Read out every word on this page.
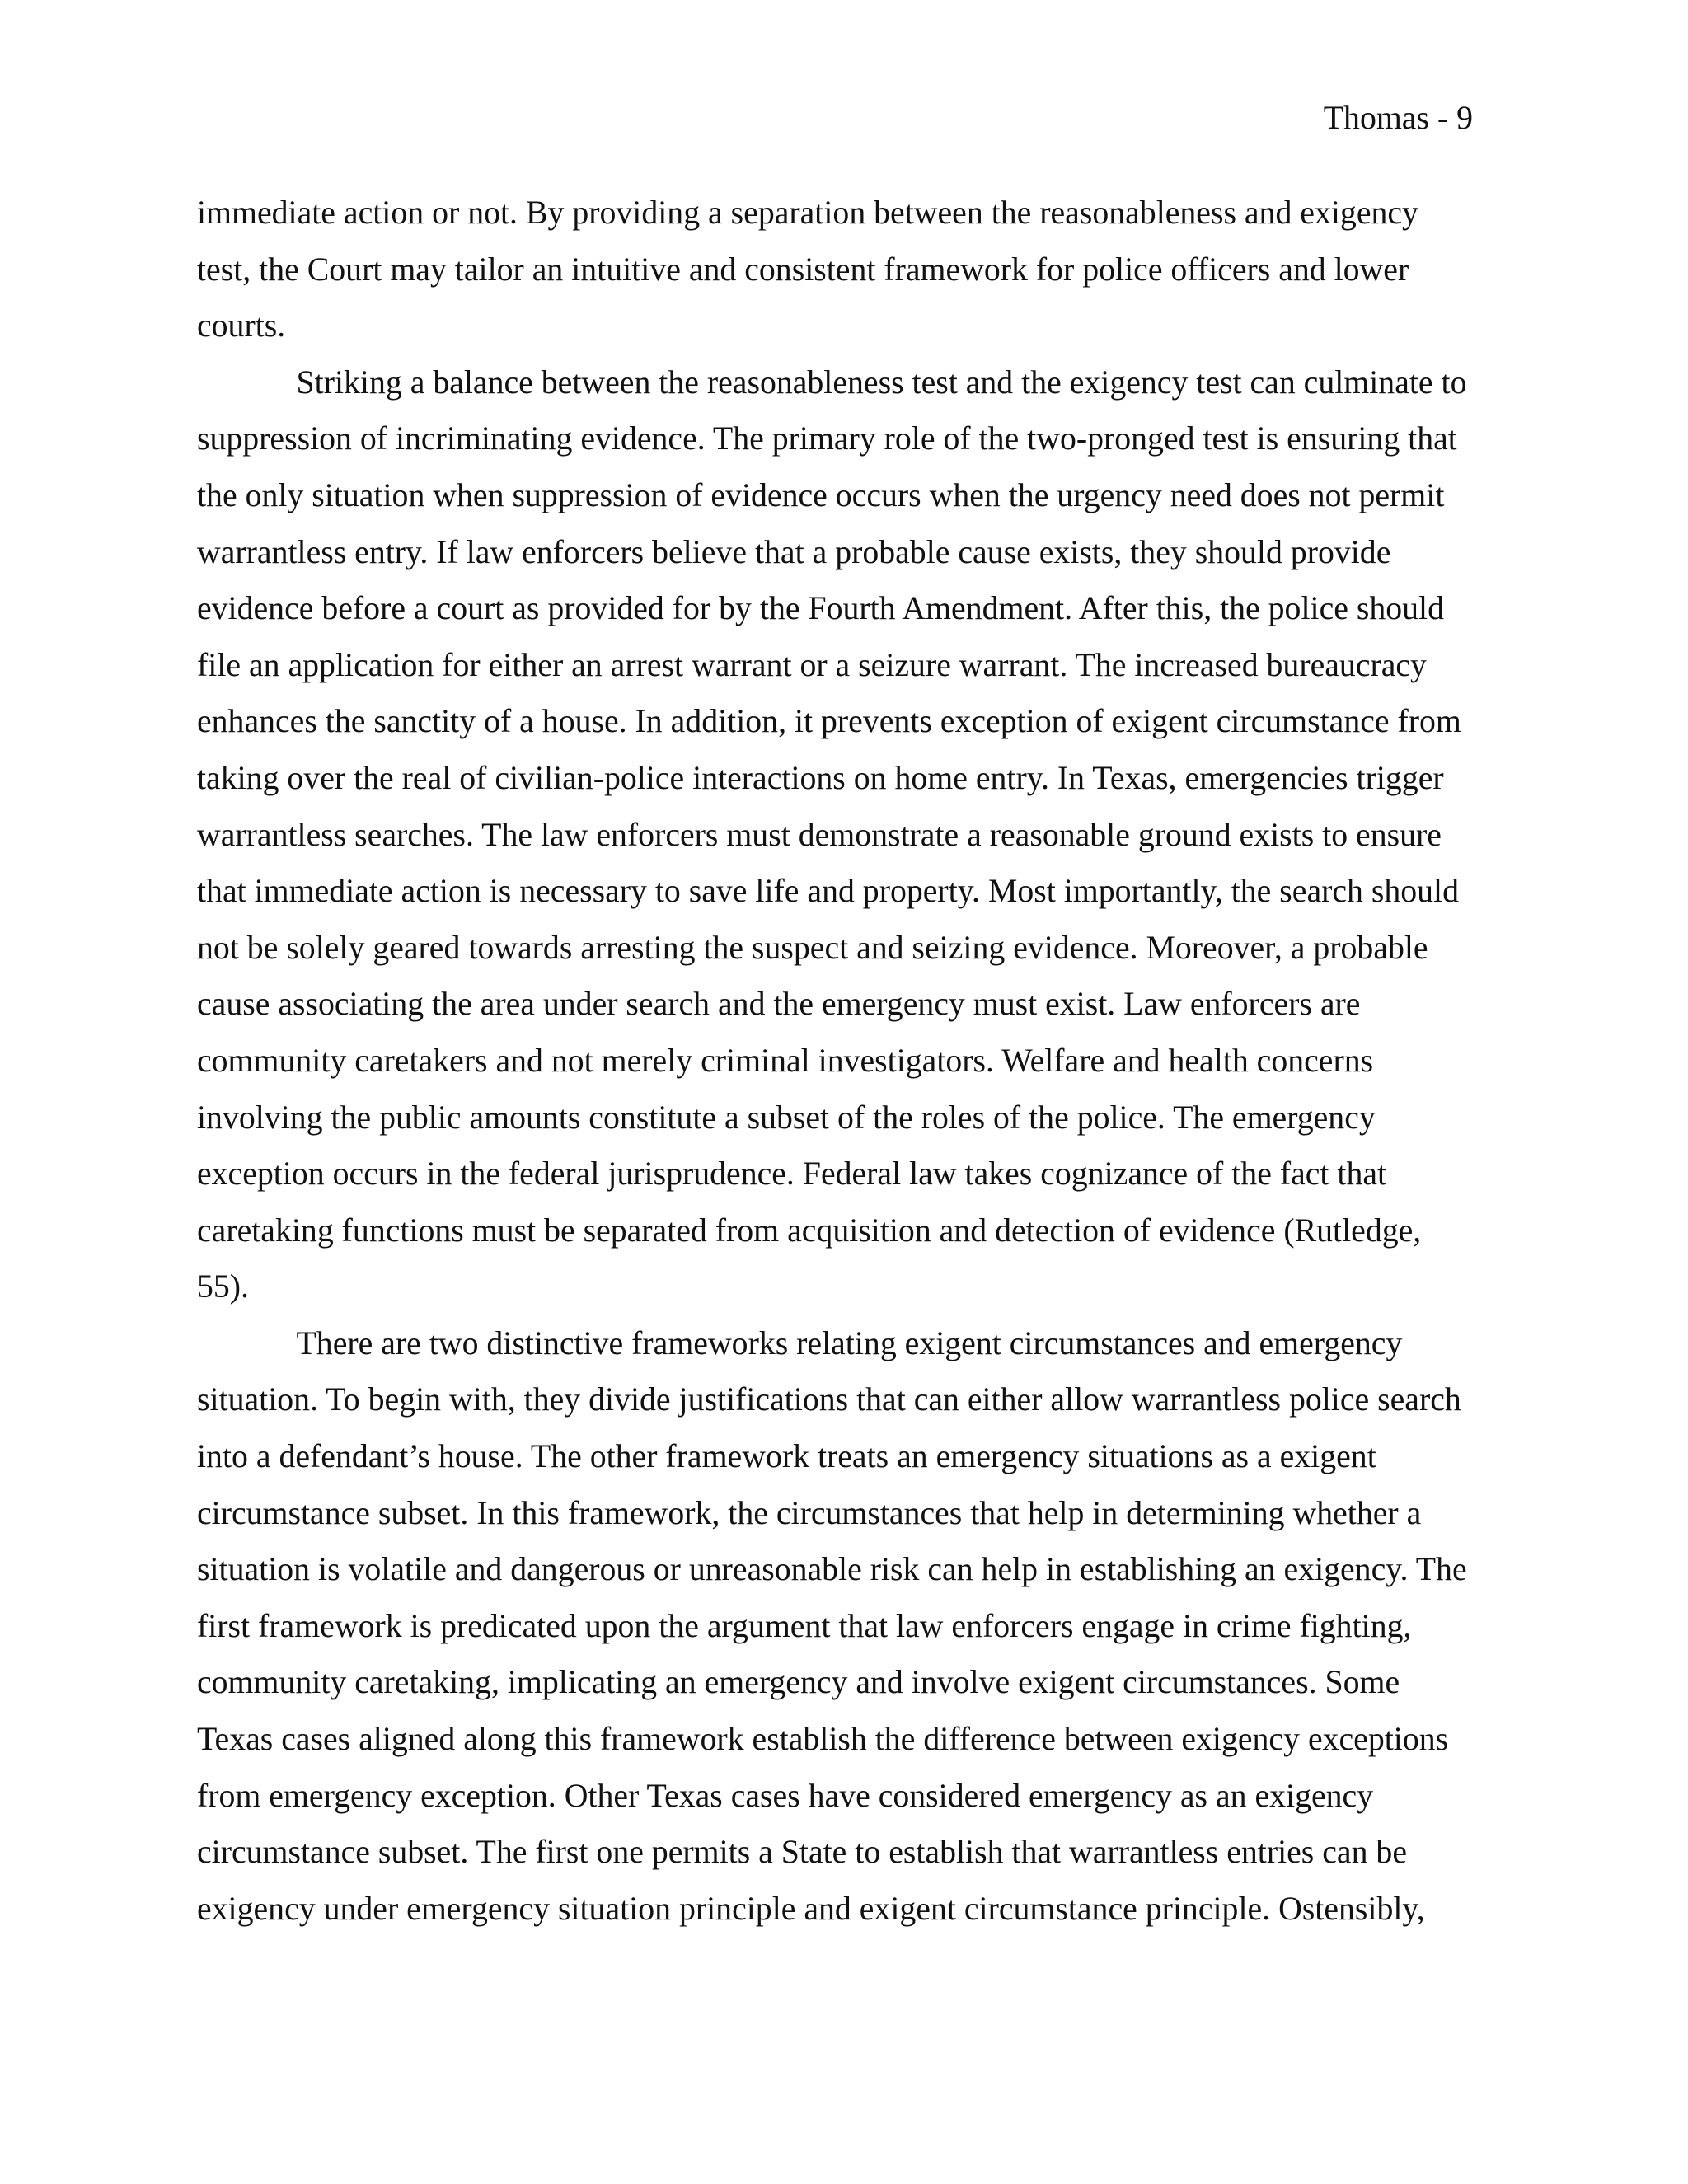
Thomas - 9
immediate action or not. By providing a separation between the reasonableness and exigency
test, the Court may tailor an intuitive and consistent framework for police officers and lower
courts.
Striking a balance between the reasonableness test and the exigency test can culminate to
suppression of incriminating evidence. The primary role of the two-pronged test is ensuring that
the only situation when suppression of evidence occurs when the urgency need does not permit
warrantless entry. If law enforcers believe that a probable cause exists, they should provide
evidence before a court as provided for by the Fourth Amendment. After this, the police should
file an application for either an arrest warrant or a seizure warrant. The increased bureaucracy
enhances the sanctity of a house. In addition, it prevents exception of exigent circumstance from
taking over the real of civilian-police interactions on home entry. In Texas, emergencies trigger
warrantless searches. The law enforcers must demonstrate a reasonable ground exists to ensure
that immediate action is necessary to save life and property. Most importantly, the search should
not be solely geared towards arresting the suspect and seizing evidence. Moreover, a probable
cause associating the area under search and the emergency must exist. Law enforcers are
community caretakers and not merely criminal investigators. Welfare and health concerns
involving the public amounts constitute a subset of the roles of the police. The emergency
exception occurs in the federal jurisprudence. Federal law takes cognizance of the fact that
caretaking functions must be separated from acquisition and detection of evidence (Rutledge,
55).
There are two distinctive frameworks relating exigent circumstances and emergency
situation. To begin with, they divide justifications that can either allow warrantless police search
into a defendant’s house. The other framework treats an emergency situations as a exigent
circumstance subset. In this framework, the circumstances that help in determining whether a
situation is volatile and dangerous or unreasonable risk can help in establishing an exigency. The
first framework is predicated upon the argument that law enforcers engage in crime fighting,
community caretaking, implicating an emergency and involve exigent circumstances. Some
Texas cases aligned along this framework establish the difference between exigency exceptions
from emergency exception. Other Texas cases have considered emergency as an exigency
circumstance subset. The first one permits a State to establish that warrantless entries can be
exigency under emergency situation principle and exigent circumstance principle. Ostensibly,
